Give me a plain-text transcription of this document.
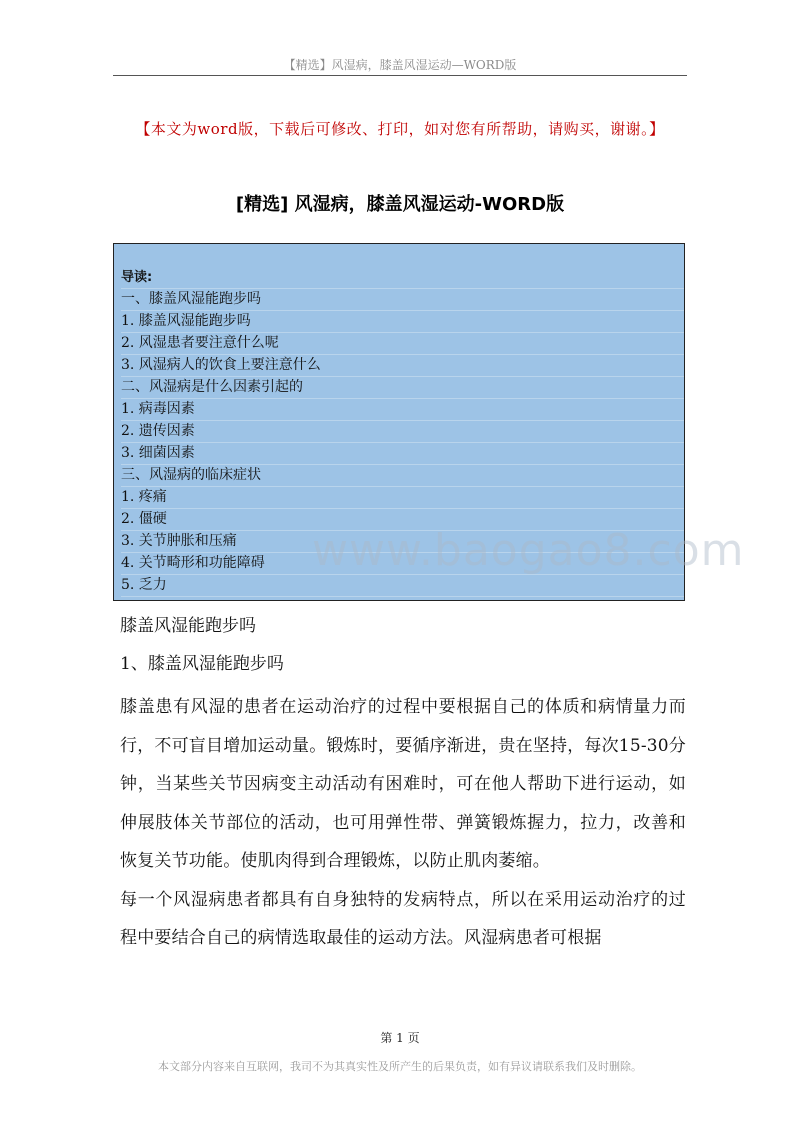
【精选】风湿病，膝盖风湿运动—WORD版
【本文为word版，下载后可修改、打印，如对您有所帮助，请购买，谢谢。】
[精选] 风湿病，膝盖风湿运动-WORD版
导读:
一、膝盖风湿能跑步吗
1. 膝盖风湿能跑步吗
2. 风湿患者要注意什么呢
3. 风湿病人的饮食上要注意什么
二、风湿病是什么因素引起的
1. 病毒因素
2. 遗传因素
3. 细菌因素
三、风湿病的临床症状
1. 疼痛
2. 僵硬
3. 关节肿胀和压痛
4. 关节畸形和功能障碍
5. 乏力
www.baogao8.com
膝盖风湿能跑步吗
1、膝盖风湿能跑步吗

膝盖患有风湿的患者在运动治疗的过程中要根据自己的体质和病情量力而行，不可盲目增加运动量。锻炼时，要循序渐进，贵在坚持，每次15-30分钟，当某些关节因病变主动活动有困难时，可在他人帮助下进行运动，如伸展肢体关节部位的活动，也可用弹性带、弹簧锻炼握力，拉力，改善和恢复关节功能。使肌肉得到合理锻炼，以防止肌肉萎缩。

每一个风湿病患者都具有自身独特的发病特点，所以在采用运动治疗的过程中要结合自己的病情选取最佳的运动方法。风湿病患者可根据

第 1 页
本文部分内容来自互联网，我司不为其真实性及所产生的后果负责，如有异议请联系我们及时删除。
